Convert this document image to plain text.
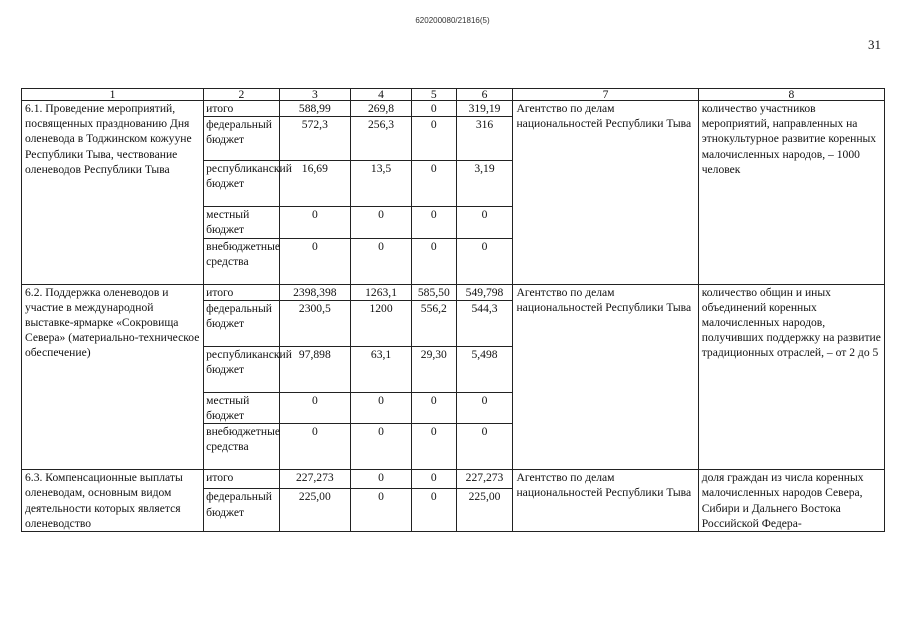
620200080/21816(5)
31
1	2	3	4	5	6	7	8
6.1. Проведение мероприятий, посвященных празднованию Дня оленевода в Тоджинском кожууне Республики Тыва, чествование оленеводов Республики Тыва	итого	588,99	269,8	0	319,19	Агентство по делам национальностей Республики Тыва	количество участников мероприятий, направленных на этнокультурное развитие коренных малочисленных народов, – 1000 человек
	федеральный бюджет	572,3	256,3	0	316		
	республиканский бюджет	16,69	13,5	0	3,19		
	местный бюджет	0	0	0	0		
	внебюджетные средства	0	0	0	0		
6.2. Поддержка оленеводов и участие в международной выставке-ярмарке «Сокровища Севера» (материально-техническое обеспечение)	итого	2398,398	1263,1	585,50	549,798	Агентство по делам национальностей Республики Тыва	количество общин и иных объединений коренных малочисленных народов, получивших поддержку на развитие традиционных отраслей, – от 2 до 5
	федеральный бюджет	2300,5	1200	556,2	544,3		
	республиканский бюджет	97,898	63,1	29,30	5,498		
	местный бюджет	0	0	0	0		
	внебюджетные средства	0	0	0	0		
6.3. Компенсационные выплаты оленеводам, основным видом деятельности которых является оленеводство	итого	227,273	0	0	227,273	Агентство по делам национальностей Республики Тыва	доля граждан из числа коренных малочисленных народов Севера, Сибири и Дальнего Востока Российской Федера-
	федеральный бюджет	225,00	0	0	225,00		
